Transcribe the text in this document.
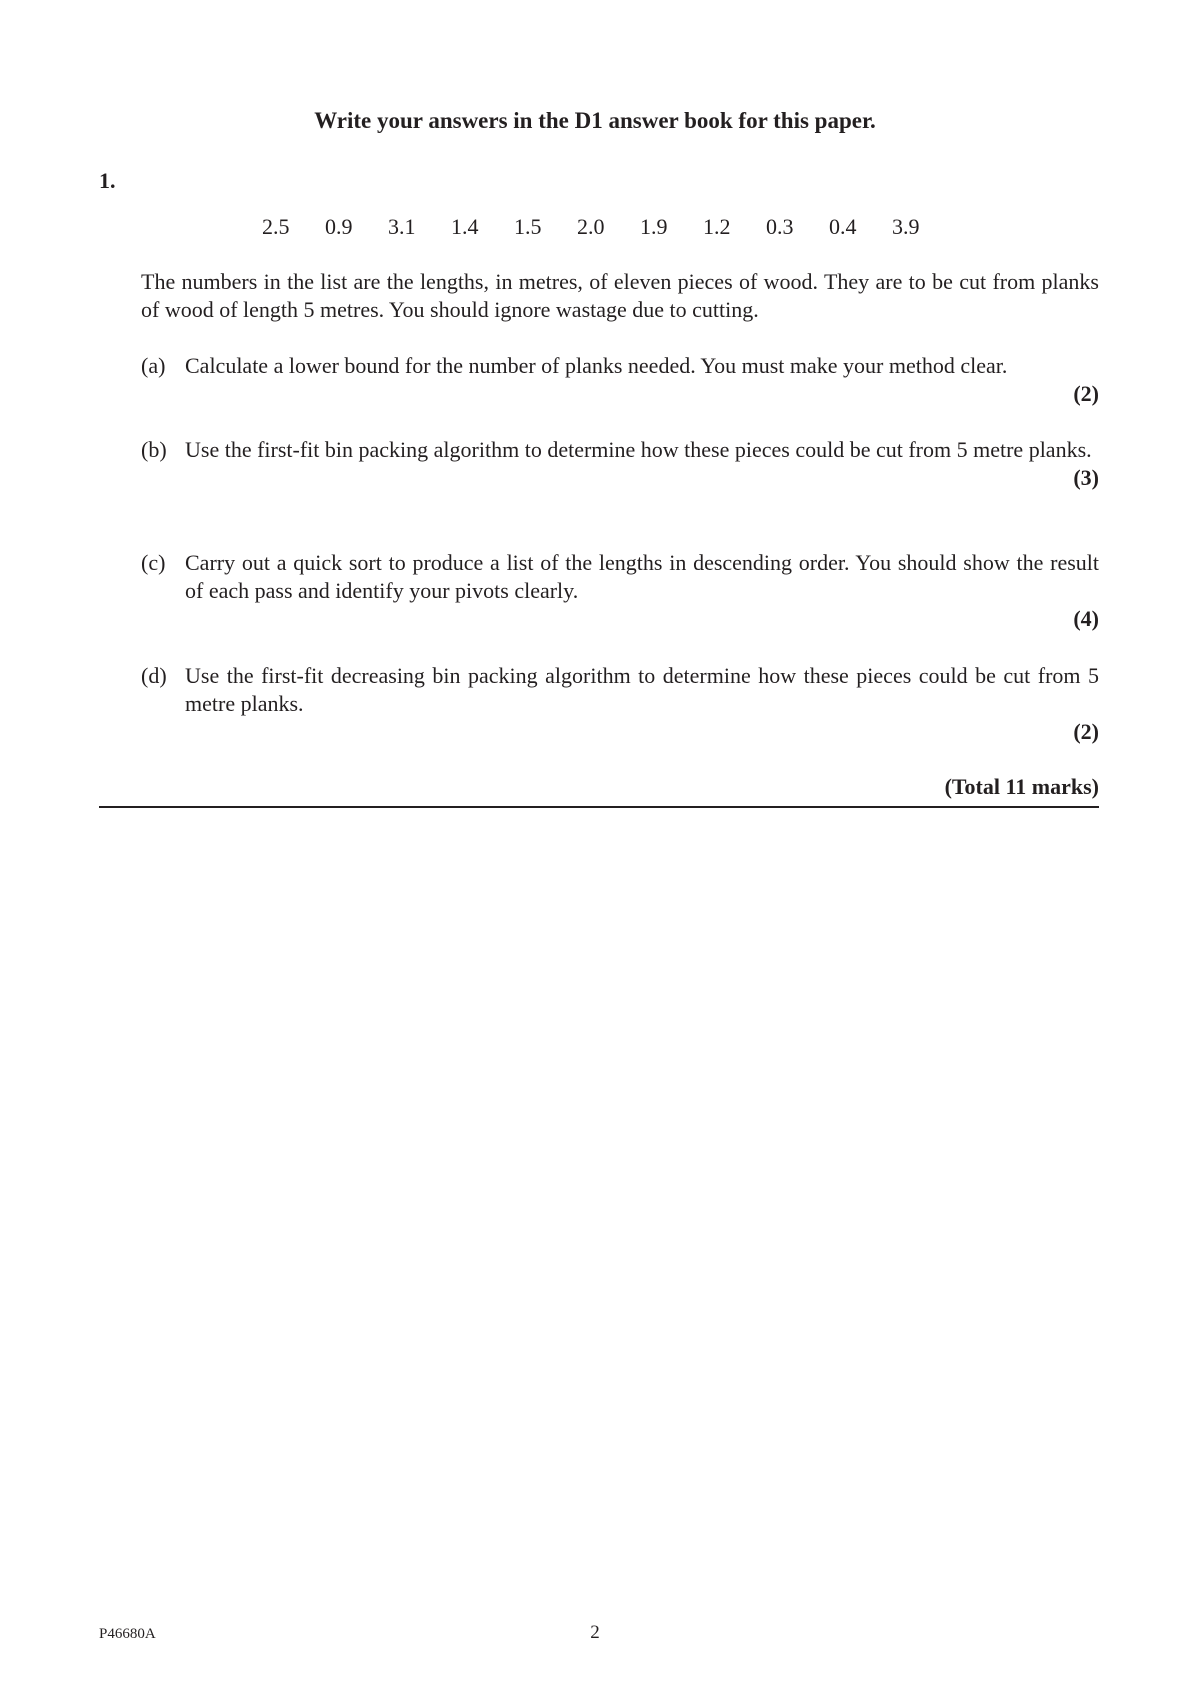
Write your answers in the D1 answer book for this paper.
1.
2.5	0.9	3.1	1.4	1.5	2.0	1.9	1.2	0.3	0.4	3.9
The numbers in the list are the lengths, in metres, of eleven pieces of wood. They are to be cut from planks of wood of length 5 metres. You should ignore wastage due to cutting.
(a) Calculate a lower bound for the number of planks needed. You must make your method clear.
(2)
(b) Use the first-fit bin packing algorithm to determine how these pieces could be cut from 5 metre planks.
(3)
(c) Carry out a quick sort to produce a list of the lengths in descending order. You should show the result of each pass and identify your pivots clearly.
(4)
(d) Use the first-fit decreasing bin packing algorithm to determine how these pieces could be cut from 5 metre planks.
(2)
(Total 11 marks)
P46680A	2
